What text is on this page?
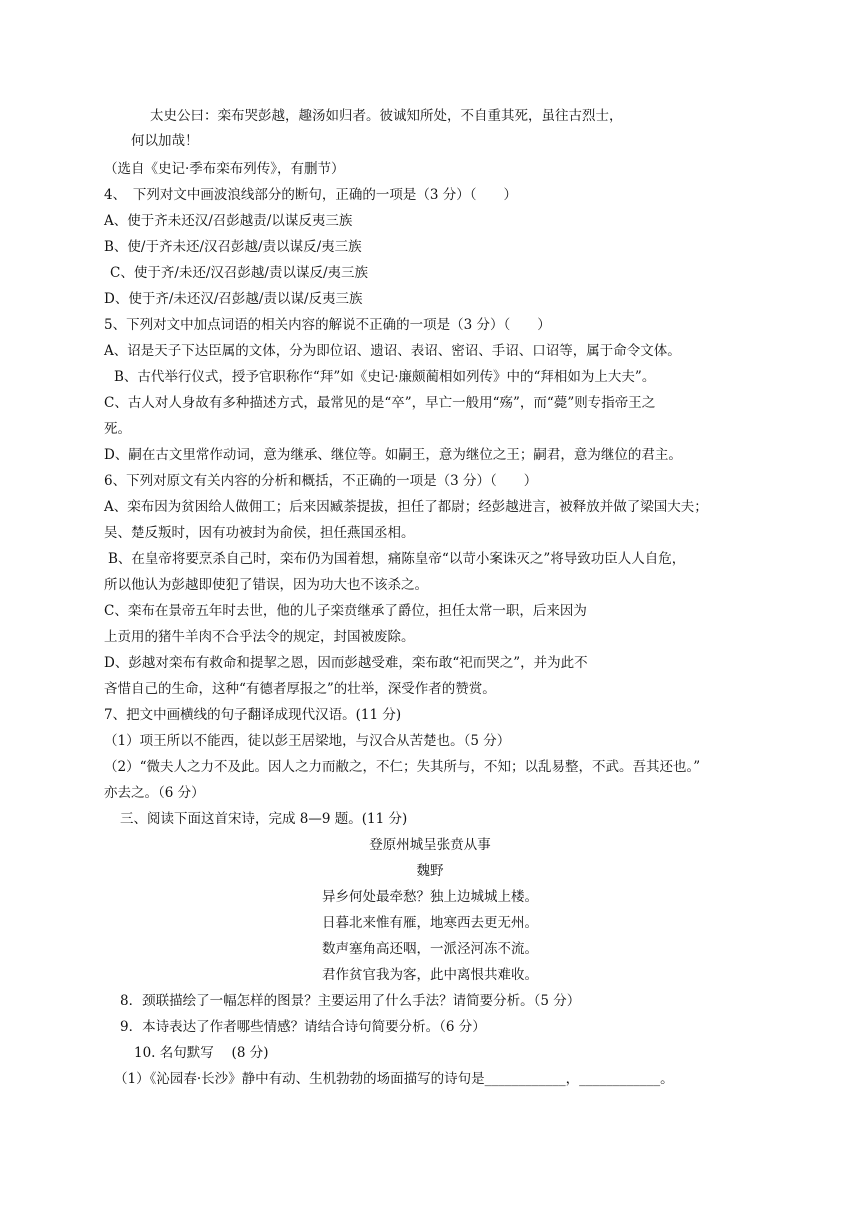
太史公曰：栾布哭彭越，趣汤如归者。彼诚知所处，不自重其死，虽往古烈士，
何以加哉！
（选自《史记·季布栾布列传》，有删节）
4、　下列对文中画波浪线部分的断句，正确的一项是（3 分）（　　）
A、使于齐未还汉/召彭越责/以谋反夷三族
B、使/于齐未还/汉召彭越/责以谋反/夷三族
C、使于齐/未还/汉召彭越/责以谋反/夷三族
D、使于齐/未还汉/召彭越/责以谋/反夷三族
5、下列对文中加点词语的相关内容的解说不正确的一项是（3 分）（　　）
A、诏是天子下达臣属的文体，分为即位诏、遗诏、表诏、密诏、手诏、口诏等，属于命令文体。
B、古代举行仪式，授予官职称作“拜”如《史记·廉颇蔺相如列传》中的“拜相如为上大夫”。
C、古人对人身故有多种描述方式，最常见的是“卒”，早亡一般用“殇”，而“薨”则专指帝王之
死。
D、嗣在古文里常作动词，意为继承、继位等。如嗣王，意为继位之王；嗣君，意为继位的君主。
6、下列对原文有关内容的分析和概括，不正确的一项是（3 分）（　　）
A、栾布因为贫困给人做佣工；后来因臧荼提拔，担任了都尉；经彭越进言，被释放并做了梁国大夫；
吴、楚反叛时，因有功被封为俞侯，担任燕国丞相。
B、在皇帝将要烹杀自己时，栾布仍为国着想，痛陈皇帝“以苛小案诛灭之”将导致功臣人人自危，
所以他认为彭越即使犯了错误，因为功大也不该杀之。
C、栾布在景帝五年时去世，他的儿子栾贲继承了爵位，担任太常一职，后来因为
上贡用的猪牛羊肉不合乎法令的规定，封国被废除。
D、彭越对栾布有救命和提挈之恩，因而彭越受难，栾布敢“祀而哭之”，并为此不
吝惜自己的生命，这种“有德者厚报之”的壮举，深受作者的赞赏。
7、把文中画横线的句子翻译成现代汉语。(11 分)
（1）项王所以不能西，徒以彭王居梁地，与汉合从苦楚也。（5 分）
（2）“微夫人之力不及此。因人之力而敝之，不仁；失其所与，不知；以乱易整，不武。吾其还也。”
亦去之。（6 分）
三、阅读下面这首宋诗，完成 8—9 题。(11 分)
登原州城呈张贲从事
魏野
异乡何处最牵愁？独上边城城上楼。
日暮北来惟有雁，地寒西去更无州。
数声塞角高还咽，一派泾河冻不流。
君作贫官我为客，此中离恨共难收。
8．颈联描绘了一幅怎样的图景？主要运用了什么手法？请简要分析。（5 分）
9．本诗表达了作者哪些情感？请结合诗句简要分析。（6 分）
10. 名句默写　 (8 分)
（1）《沁园春·长沙》静中有动、生机勃勃的场面描写的诗句是____________，____________。
